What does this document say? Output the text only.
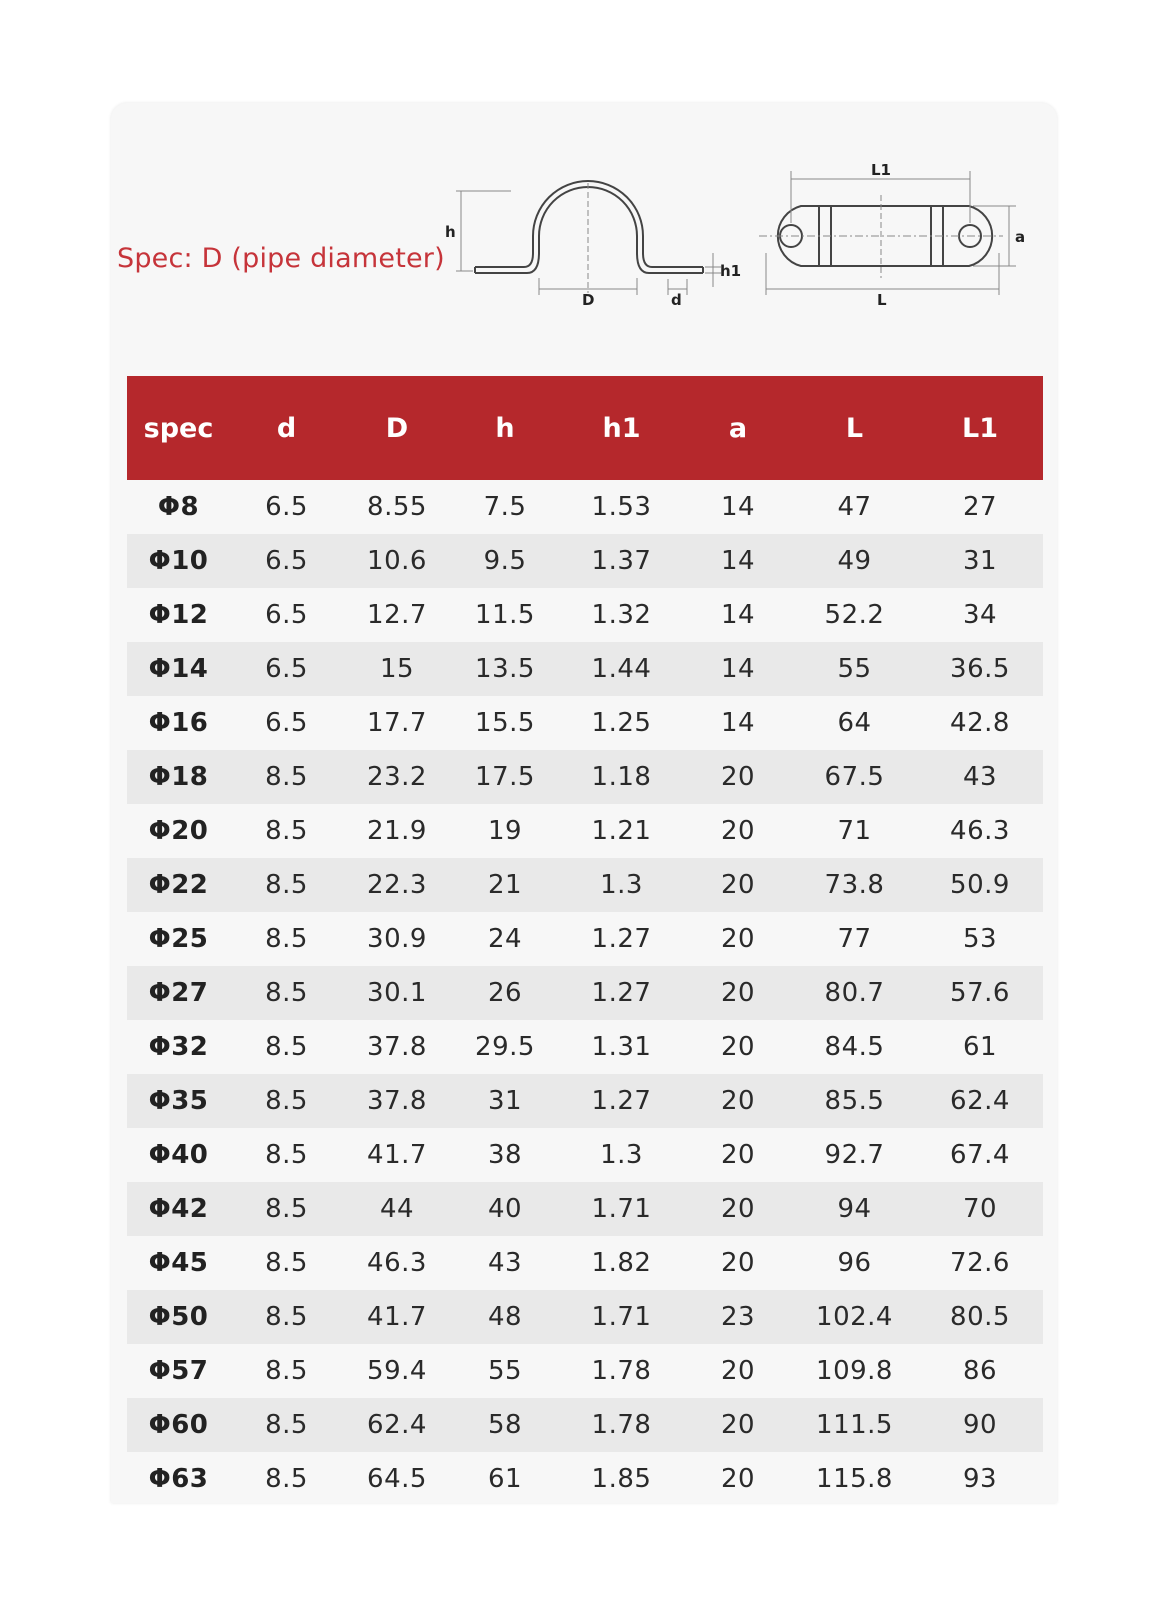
Spec: D (pipe diameter)
h
D	d
h1
L1
a
L
spec	d	D	h	h1	a	L	L1
Φ8	6.5	8.55	7.5	1.53	14	47	27
Φ10	6.5	10.6	9.5	1.37	14	49	31
Φ12	6.5	12.7	11.5	1.32	14	52.2	34
Φ14	6.5	15	13.5	1.44	14	55	36.5
Φ16	6.5	17.7	15.5	1.25	14	64	42.8
Φ18	8.5	23.2	17.5	1.18	20	67.5	43
Φ20	8.5	21.9	19	1.21	20	71	46.3
Φ22	8.5	22.3	21	1.3	20	73.8	50.9
Φ25	8.5	30.9	24	1.27	20	77	53
Φ27	8.5	30.1	26	1.27	20	80.7	57.6
Φ32	8.5	37.8	29.5	1.31	20	84.5	61
Φ35	8.5	37.8	31	1.27	20	85.5	62.4
Φ40	8.5	41.7	38	1.3	20	92.7	67.4
Φ42	8.5	44	40	1.71	20	94	70
Φ45	8.5	46.3	43	1.82	20	96	72.6
Φ50	8.5	41.7	48	1.71	23	102.4	80.5
Φ57	8.5	59.4	55	1.78	20	109.8	86
Φ60	8.5	62.4	58	1.78	20	111.5	90
Φ63	8.5	64.5	61	1.85	20	115.8	93
